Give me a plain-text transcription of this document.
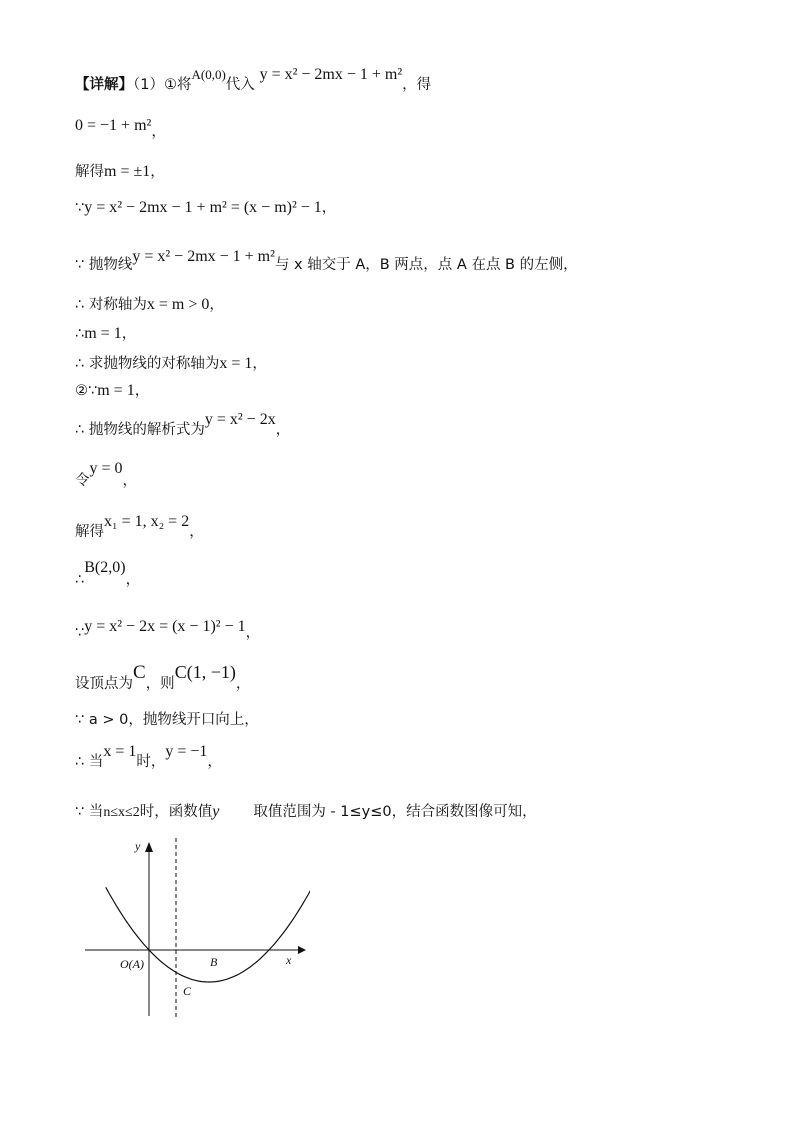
【详解】（1）①将A(0,0)代入 y = x² − 2mx − 1 + m²，得
0 = −1 + m²，
解得m = ±1，
∵y = x² − 2mx − 1 + m² = (x − m)² − 1，
∵ 抛物线y = x² − 2mx − 1 + m²与 x 轴交于 A，B 两点，点 A 在点 B 的左侧，
∴ 对称轴为x = m > 0，
∴m = 1，
∴ 求抛物线的对称轴为x = 1，
②∵m = 1，
∴ 抛物线的解析式为y = x² − 2x，
令y = 0，
解得x₁ = 1, x₂ = 2，
∴B(2,0)，
∵y = x² − 2x = (x − 1)² − 1，
设顶点为C，则C(1, −1)，
∵ a > 0，抛物线开口向上，
∴ 当x = 1时，y = −1，
∵ 当n≤x≤2时，函数值y 取值范围为 - 1≤y≤0，结合函数图像可知，
y
x
O(A)	B
C
